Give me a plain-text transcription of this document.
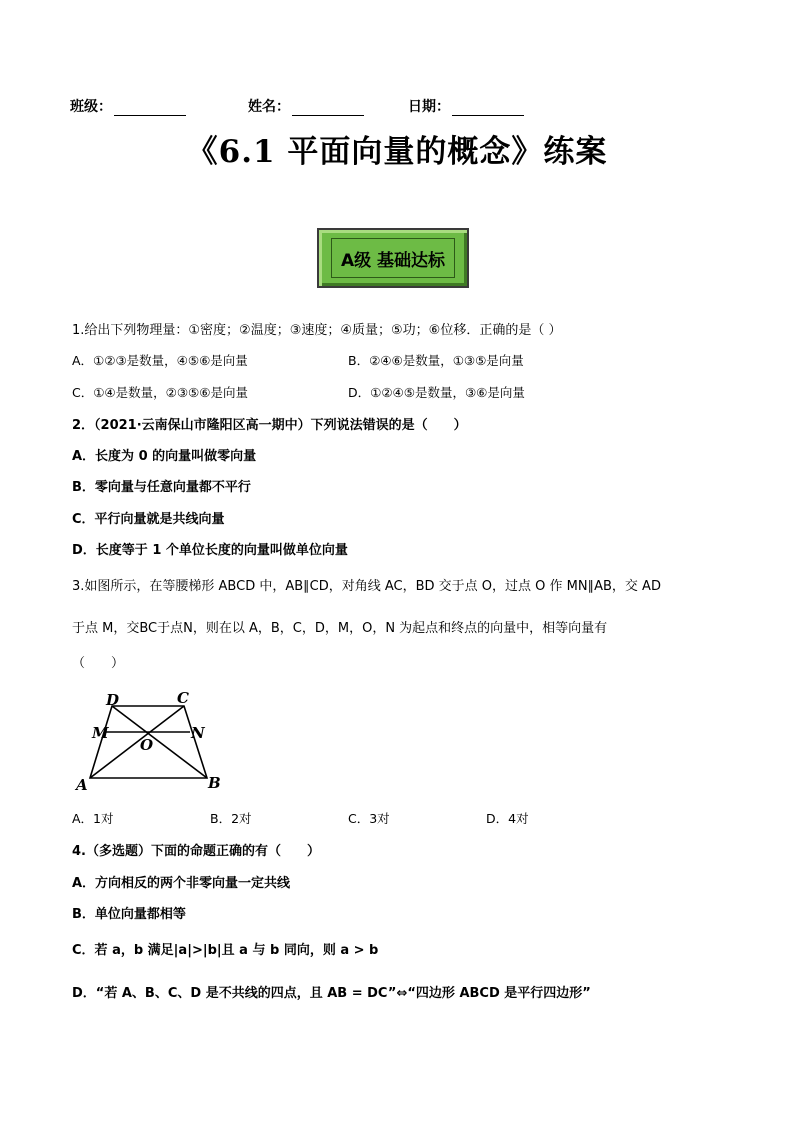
班级：	姓名：	日期：
《6.1 平面向量的概念》练案
A级 基础达标
1.给出下列物理量：①密度；②温度；③速度；④质量；⑤功；⑥位移．正确的是（ ）
A．①②③是数量，④⑤⑥是向量	B．②④⑥是数量，①③⑤是向量
C．①④是数量，②③⑤⑥是向量	D．①②④⑤是数量，③⑥是向量
2．（2021·云南保山市隆阳区高一期中）下列说法错误的是（　　）
A．长度为 0 的向量叫做零向量
B．零向量与任意向量都不平行
C．平行向量就是共线向量
D．长度等于 1 个单位长度的向量叫做单位向量
3.如图所示，在等腰梯形 ABCD 中，AB∥CD，对角线 AC，BD 交于点 O，过点 O 作 MN∥AB，交 AD
于点 M，交BC于点N，则在以 A，B，C，D，M，O，N 为起点和终点的向量中，相等向量有
（　　）
D	C
M	N
O
A	B
A．1对	B．2对	C．3对	D．4对
4.（多选题）下面的命题正确的有（　　）
A．方向相反的两个非零向量一定共线
B．单位向量都相等
C．若 a，b 满足|a|>|b|且 a 与 b 同向，则 a > b
D．“若 A、B、C、D 是不共线的四点，且 AB = DC”⇔“四边形 ABCD 是平行四边形”
